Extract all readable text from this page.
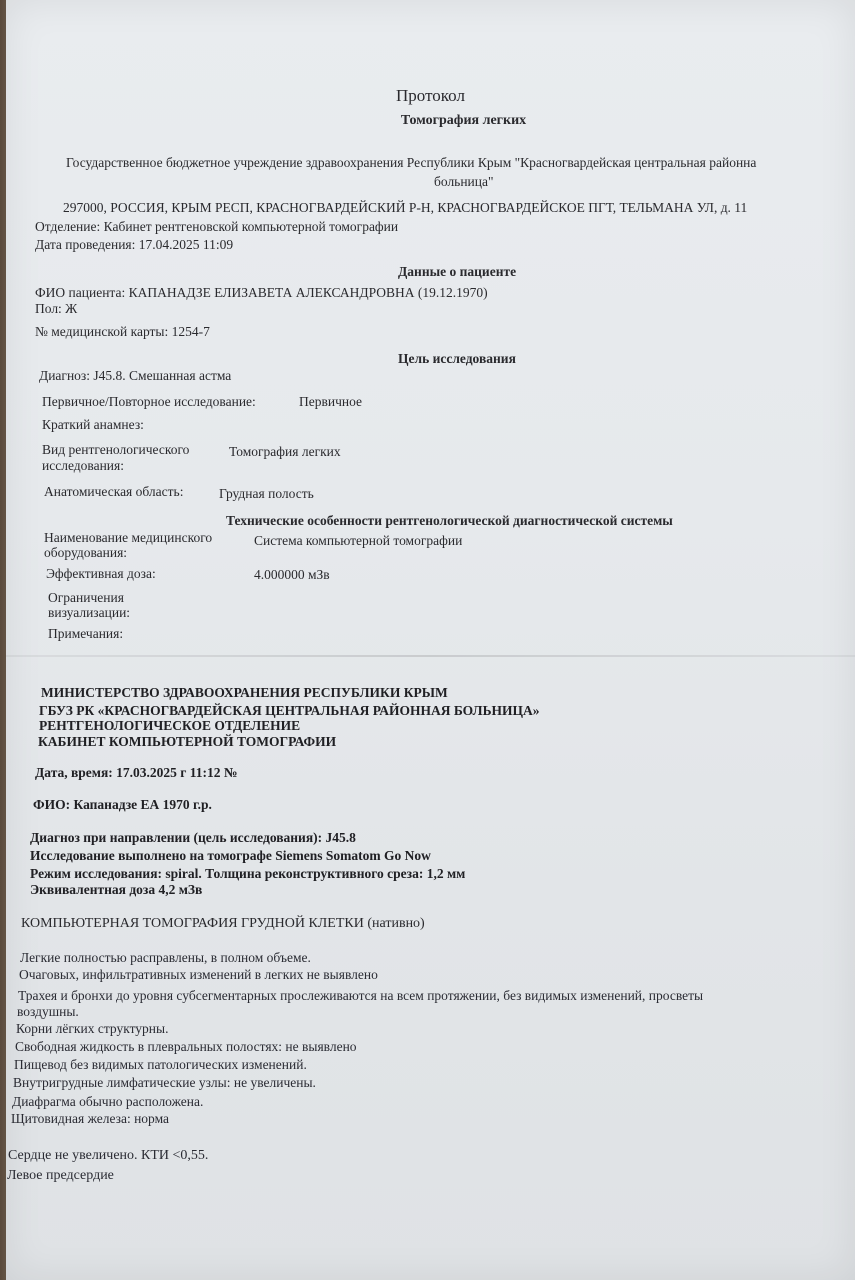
Протокол
Томография легких
Государственное бюджетное учреждение здравоохранения Республики Крым "Красногвардейская центральная районна
больница"
297000, РОССИЯ, КРЫМ РЕСП, КРАСНОГВАРДЕЙСКИЙ Р-Н, КРАСНОГВАРДЕЙСКОЕ ПГТ, ТЕЛЬМАНА УЛ, д. 11
Отделение: Кабинет рентгеновской компьютерной томографии
Дата проведения: 17.04.2025 11:09
Данные о пациенте
ФИО пациента: КАПАНАДЗЕ ЕЛИЗАВЕТА АЛЕКСАНДРОВНА (19.12.1970)
Пол: Ж
№ медицинской карты: 1254-7
Цель исследования
Диагноз: J45.8. Смешанная астма
Первичное/Повторное исследование:	Первичное
Краткий анамнез:
Вид рентгенологического
исследования:
Томография легких
Анатомическая область:	Грудная полость
Технические особенности рентгенологической диагностической системы
Наименование медицинского
оборудования:
Система компьютерной томографии
Эффективная доза:	4.000000 мЗв
Ограничения
визуализации:
Примечания:
МИНИСТЕРСТВО ЗДРАВООХРАНЕНИЯ РЕСПУБЛИКИ КРЫМ
ГБУЗ РК «КРАСНОГВАРДЕЙСКАЯ ЦЕНТРАЛЬНАЯ РАЙОННАЯ БОЛЬНИЦА»
РЕНТГЕНОЛОГИЧЕСКОЕ ОТДЕЛЕНИЕ
КАБИНЕТ КОМПЬЮТЕРНОЙ ТОМОГРАФИИ
Дата, время: 17.03.2025 г 11:12 №
ФИО: Капанадзе ЕА 1970 г.р.
Диагноз при направлении (цель исследования): J45.8
Исследование выполнено на томографе Siemens Somatom Go Now
Режим исследования: spiral. Толщина реконструктивного среза: 1,2 мм
Эквивалентная доза 4,2 мЗв
КОМПЬЮТЕРНАЯ ТОМОГРАФИЯ ГРУДНОЙ КЛЕТКИ (нативно)
Легкие полностью расправлены, в полном объеме.
Очаговых, инфильтративных изменений в легких не выявлено
Трахея и бронхи до уровня субсегментарных прослеживаются на всем протяжении, без видимых изменений, просветы
воздушны.
Корни лёгких структурны.
Свободная жидкость в плевральных полостях: не выявлено
Пищевод без видимых патологических изменений.
Внутригрудные лимфатические узлы: не увеличены.
Диафрагма обычно расположена.
Щитовидная железа: норма
Сердце не увеличено. КТИ <0,55.
Левое предсердие
